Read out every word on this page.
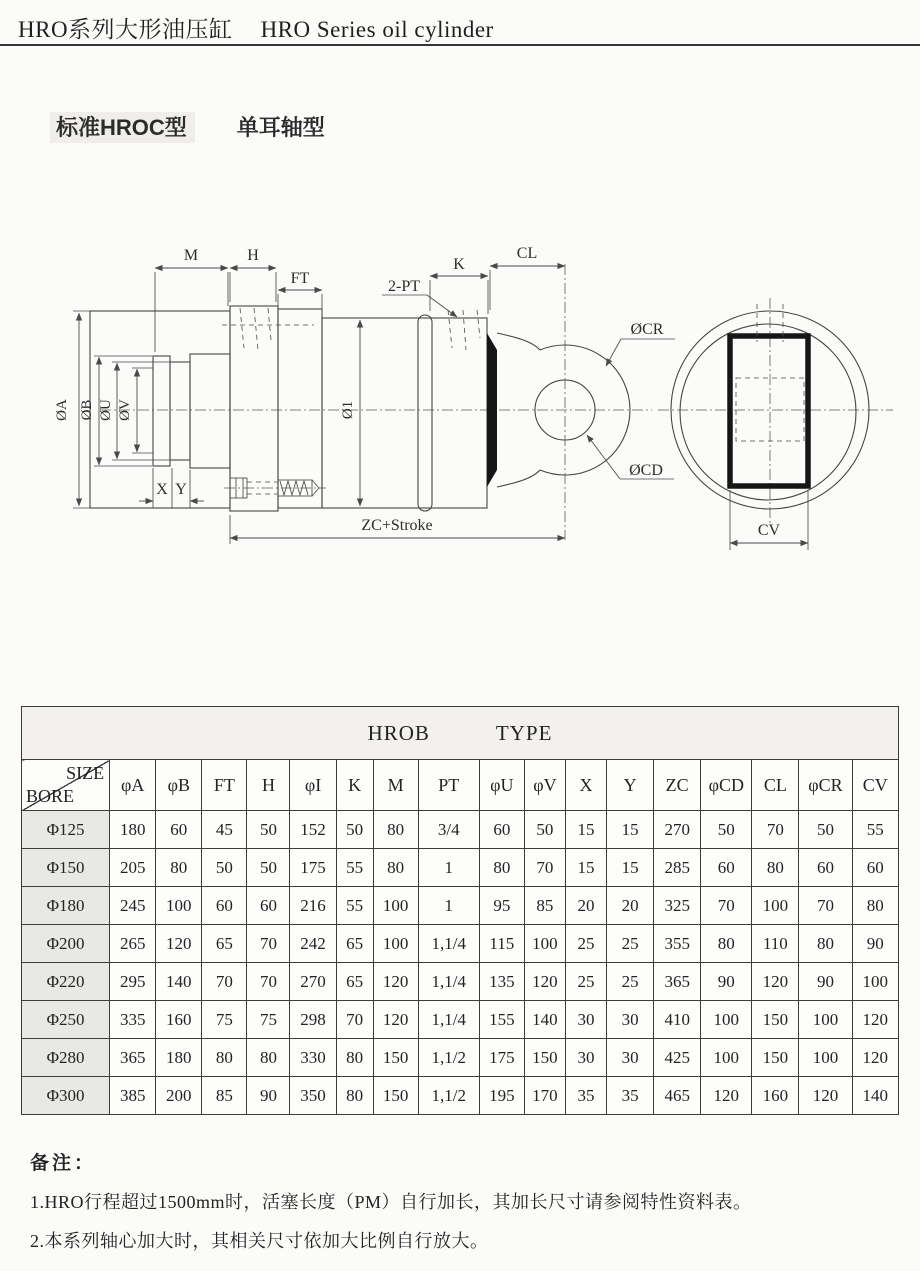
HRO系列大形油压缸 HRO Series oil cylinder
标准HROC型 单耳轴型
M	H
FT
K
CL
2-PT
ØA ØB ØU ØV	Ø1
X Y
ZC+Stroke
ØCR
ØCD
CV
HROB TYPE																	

SIZE
BORE	φA	φB	FT	H	φI	K	M	PT	φU	φV	X	Y	ZC	φCD	CL	φCR	CV
Φ125	180	60	45	50	152	50	80	3/4	60	50	15	15	270	50	70	50	55
Φ150	205	80	50	50	175	55	80	1	80	70	15	15	285	60	80	60	60
Φ180	245	100	60	60	216	55	100	1	95	85	20	20	325	70	100	70	80
Φ200	265	120	65	70	242	65	100	1,1/4	115	100	25	25	355	80	110	80	90
Φ220	295	140	70	70	270	65	120	1,1/4	135	120	25	25	365	90	120	90	100
Φ250	335	160	75	75	298	70	120	1,1/4	155	140	30	30	410	100	150	100	120
Φ280	365	180	80	80	330	80	150	1,1/2	175	150	30	30	425	100	150	100	120
Φ300	385	200	85	90	350	80	150	1,1/2	195	170	35	35	465	120	160	120	140
备注：
1.HRO行程超过1500mm时，活塞长度（PM）自行加长，其加长尺寸请参阅特性资料表。
2.本系列轴心加大时，其相关尺寸依加大比例自行放大。
